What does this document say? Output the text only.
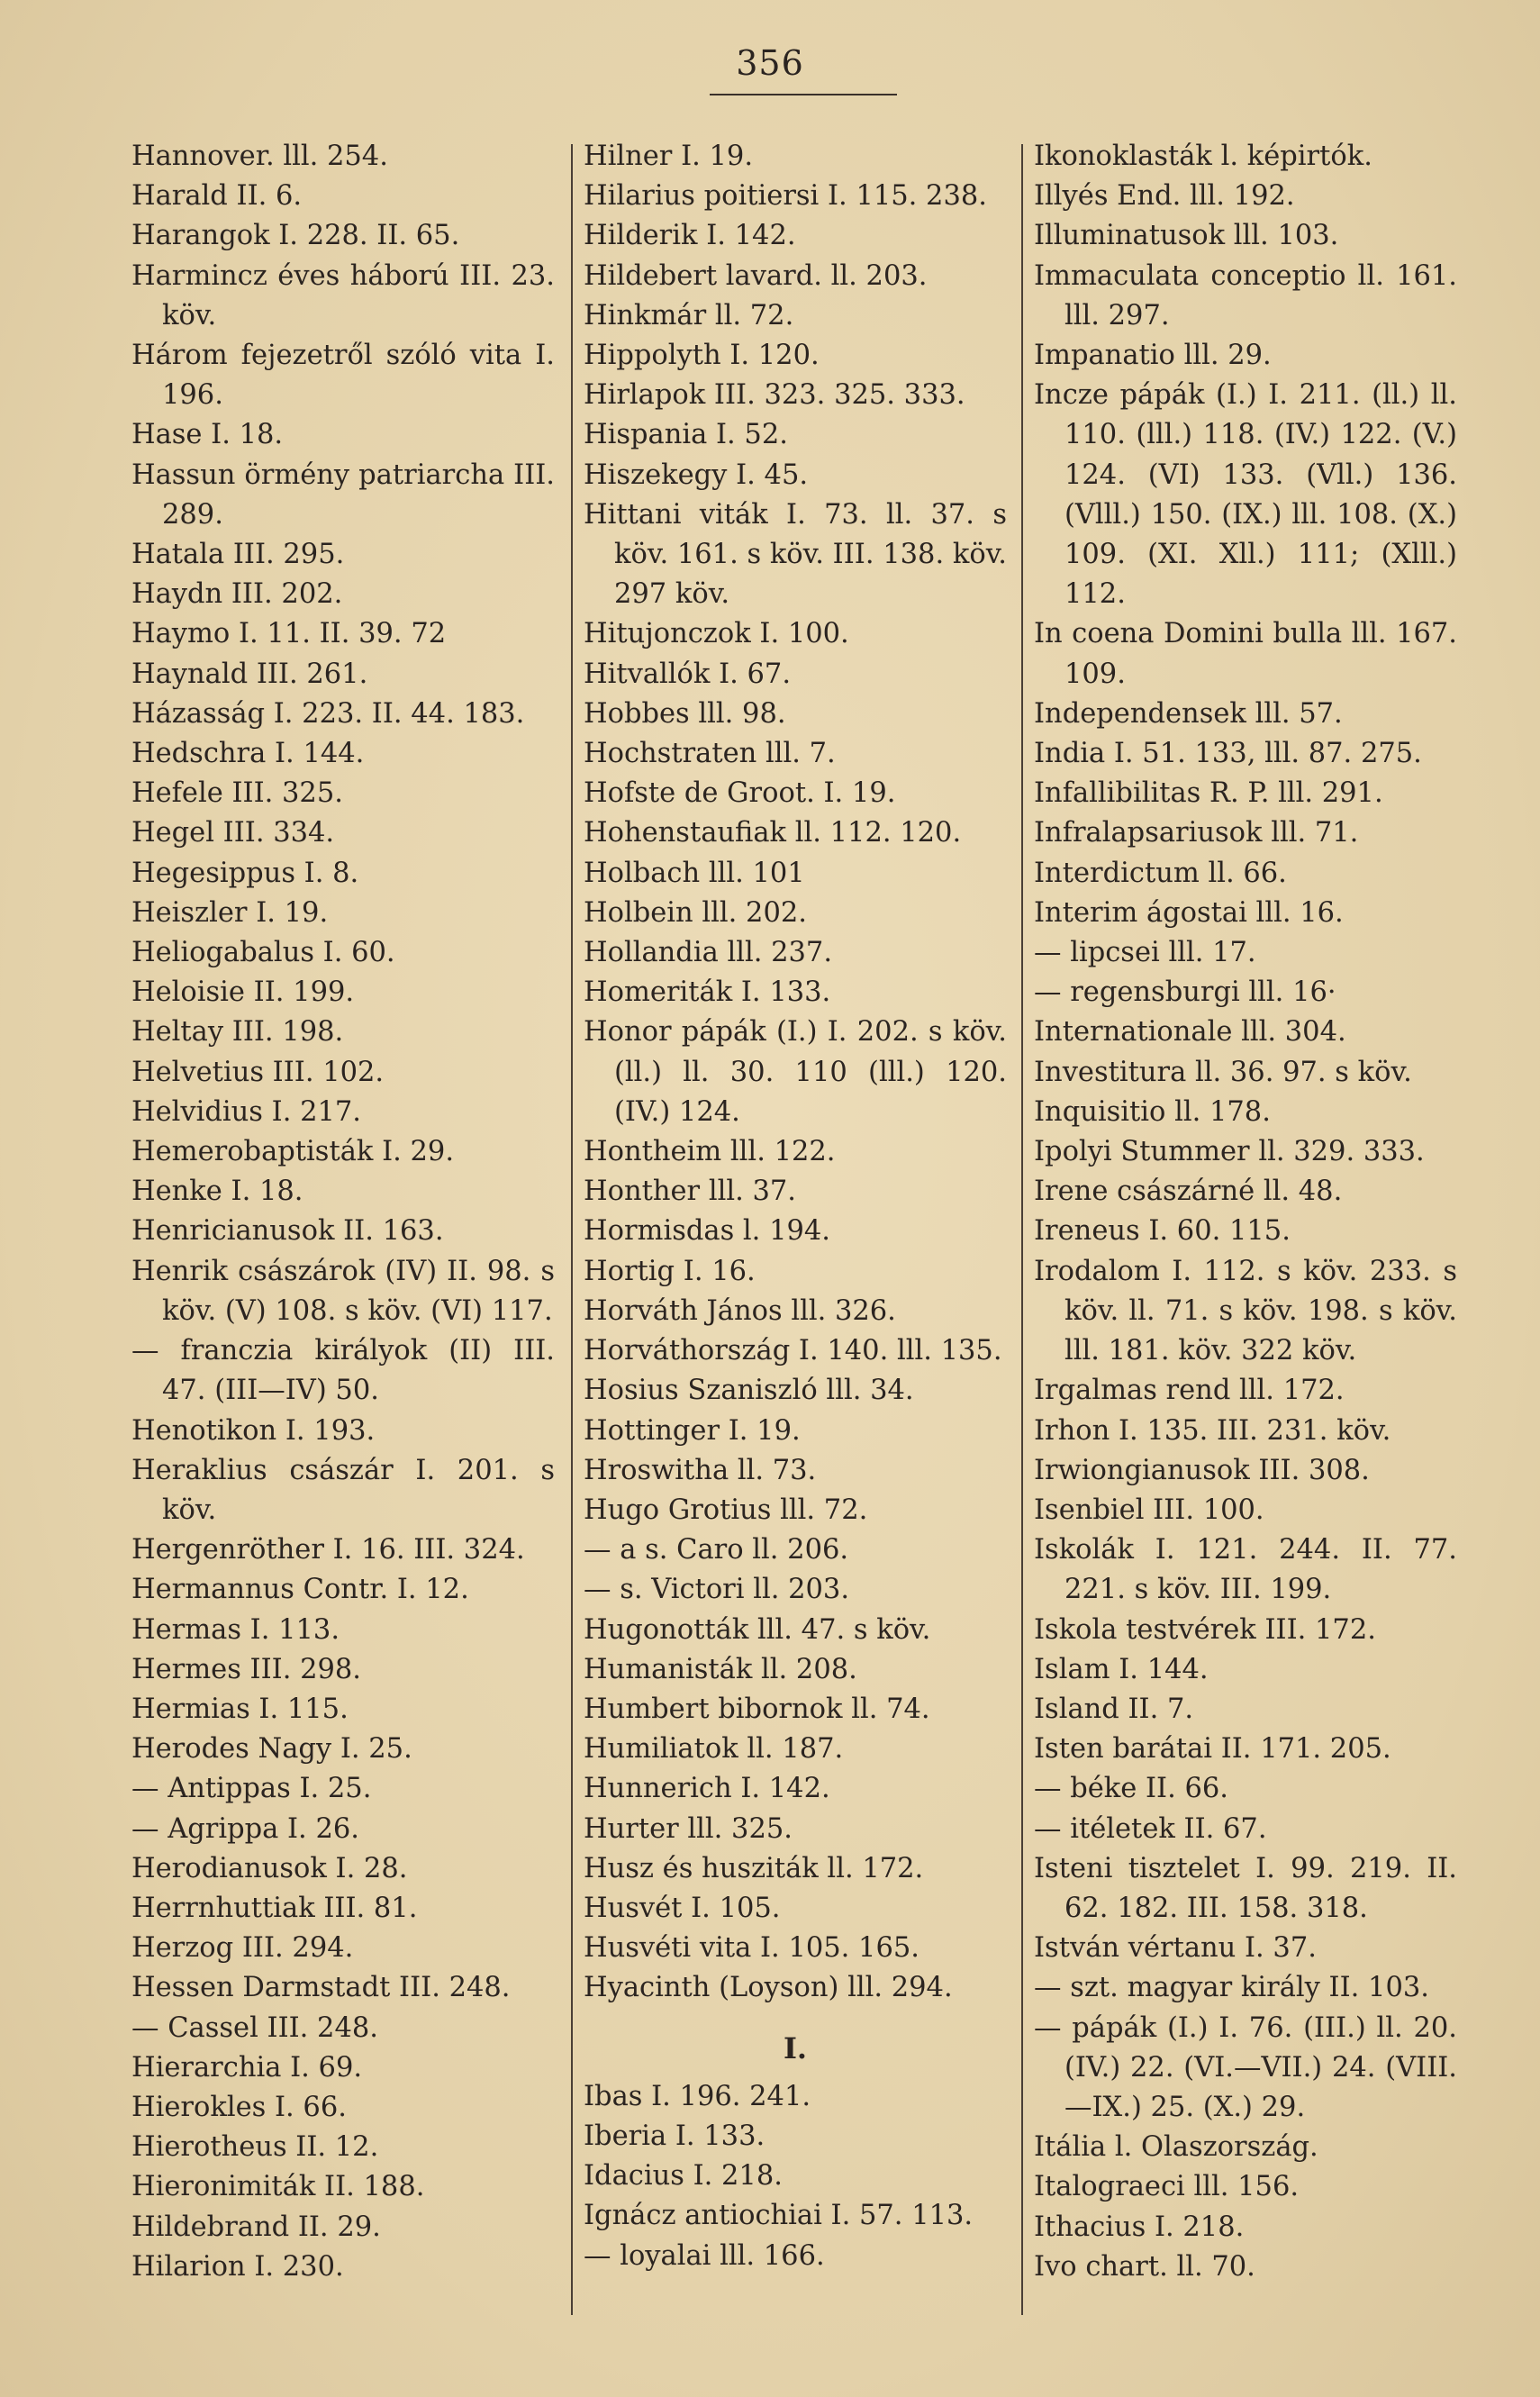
356
Hannover. lll. 254.
Harald II. 6.
Harangok I. 228. II. 65.
Harmincz éves háború III. 23. köv.
Három fejezetről szóló vita I. 196.
Hase I. 18.
Hassun örmény patriarcha III. 289.
Hatala III. 295.
Haydn III. 202.
Haymo I. 11. II. 39. 72
Haynald III. 261.
Házasság I. 223. II. 44. 183.
Hedschra I. 144.
Hefele III. 325.
Hegel III. 334.
Hegesippus I. 8.
Heiszler I. 19.
Heliogabalus I. 60.
Heloisie II. 199.
Heltay III. 198.
Helvetius III. 102.
Helvidius I. 217.
Hemerobaptisták I. 29.
Henke I. 18.
Henricianusok II. 163.
Henrik császárok (IV) II. 98. s köv. (V) 108. s köv. (VI) 117.
— franczia királyok (II) III. 47. (III—IV) 50.
Henotikon I. 193.
Heraklius császár I. 201. s köv.
Hergenröther I. 16. III. 324.
Hermannus Contr. I. 12.
Hermas I. 113.
Hermes III. 298.
Hermias I. 115.
Herodes Nagy I. 25.
— Antippas I. 25.
— Agrippa I. 26.
Herodianusok I. 28.
Herrnhuttiak III. 81.
Herzog III. 294.
Hessen Darmstadt III. 248.
— Cassel III. 248.
Hierarchia I. 69.
Hierokles I. 66.
Hierotheus II. 12.
Hieronimiták II. 188.
Hildebrand II. 29.
Hilarion I. 230.
Hilner I. 19.
Hilarius poitiersi I. 115. 238.
Hilderik I. 142.
Hildebert lavard. ll. 203.
Hinkmár ll. 72.
Hippolyth I. 120.
Hirlapok III. 323. 325. 333.
Hispania I. 52.
Hiszekegy I. 45.
Hittani viták I. 73. ll. 37. s köv. 161. s köv. III. 138. köv. 297 köv.
Hitujonczok I. 100.
Hitvallók I. 67.
Hobbes lll. 98.
Hochstraten lll. 7.
Hofste de Groot. I. 19.
Hohenstaufiak ll. 112. 120.
Holbach lll. 101
Holbein lll. 202.
Hollandia lll. 237.
Homeriták I. 133.
Honor pápák (I.) I. 202. s köv. (ll.) ll. 30. 110 (lll.) 120. (IV.) 124.
Hontheim lll. 122.
Honther lll. 37.
Hormisdas l. 194.
Hortig I. 16.
Horváth János lll. 326.
Horváthország I. 140. lll. 135.
Hosius Szaniszló lll. 34.
Hottinger I. 19.
Hroswitha ll. 73.
Hugo Grotius lll. 72.
— a s. Caro ll. 206.
— s. Victori ll. 203.
Hugonották lll. 47. s köv.
Humanisták ll. 208.
Humbert bibornok ll. 74.
Humiliatok ll. 187.
Hunnerich I. 142.
Hurter lll. 325.
Husz és husziták ll. 172.
Husvét I. 105.
Husvéti vita I. 105. 165.
Hyacinth (Loyson) lll. 294.
I.
Ibas I. 196. 241.
Iberia I. 133.
Idacius I. 218.
Ignácz antiochiai I. 57. 113.
— loyalai lll. 166.
Ikonoklasták l. képirtók.
Illyés End. lll. 192.
Illuminatusok lll. 103.
Immaculata conceptio ll. 161. lll. 297.
Impanatio lll. 29.
Incze pápák (I.) I. 211. (ll.) ll. 110. (lll.) 118. (IV.) 122. (V.) 124. (VI) 133. (Vll.) 136. (Vlll.) 150. (IX.) lll. 108. (X.) 109. (XI. Xll.) 111; (Xlll.) 112.
In coena Domini bulla lll. 167. 109.
Independensek lll. 57.
India I. 51. 133, lll. 87. 275.
Infallibilitas R. P. lll. 291.
Infralapsariusok lll. 71.
Interdictum ll. 66.
Interim ágostai lll. 16.
— lipcsei lll. 17.
— regensburgi lll. 16·
Internationale lll. 304.
Investitura ll. 36. 97. s köv.
Inquisitio ll. 178.
Ipolyi Stummer ll. 329. 333.
Irene császárné ll. 48.
Ireneus I. 60. 115.
Irodalom I. 112. s köv. 233. s köv. ll. 71. s köv. 198. s köv. lll. 181. köv. 322 köv.
Irgalmas rend lll. 172.
Irhon I. 135. III. 231. köv.
Irwiongianusok III. 308.
Isenbiel III. 100.
Iskolák I. 121. 244. II. 77. 221. s köv. III. 199.
Iskola testvérek III. 172.
Islam I. 144.
Island II. 7.
Isten barátai II. 171. 205.
— béke II. 66.
— itéletek II. 67.
Isteni tisztelet I. 99. 219. II. 62. 182. III. 158. 318.
István vértanu I. 37.
— szt. magyar király II. 103.
— pápák (I.) I. 76. (III.) ll. 20. (IV.) 22. (VI.—VII.) 24. (VIII.—IX.) 25. (X.) 29.
Itália l. Olaszország.
Italograeci lll. 156.
Ithacius I. 218.
Ivo chart. ll. 70.
